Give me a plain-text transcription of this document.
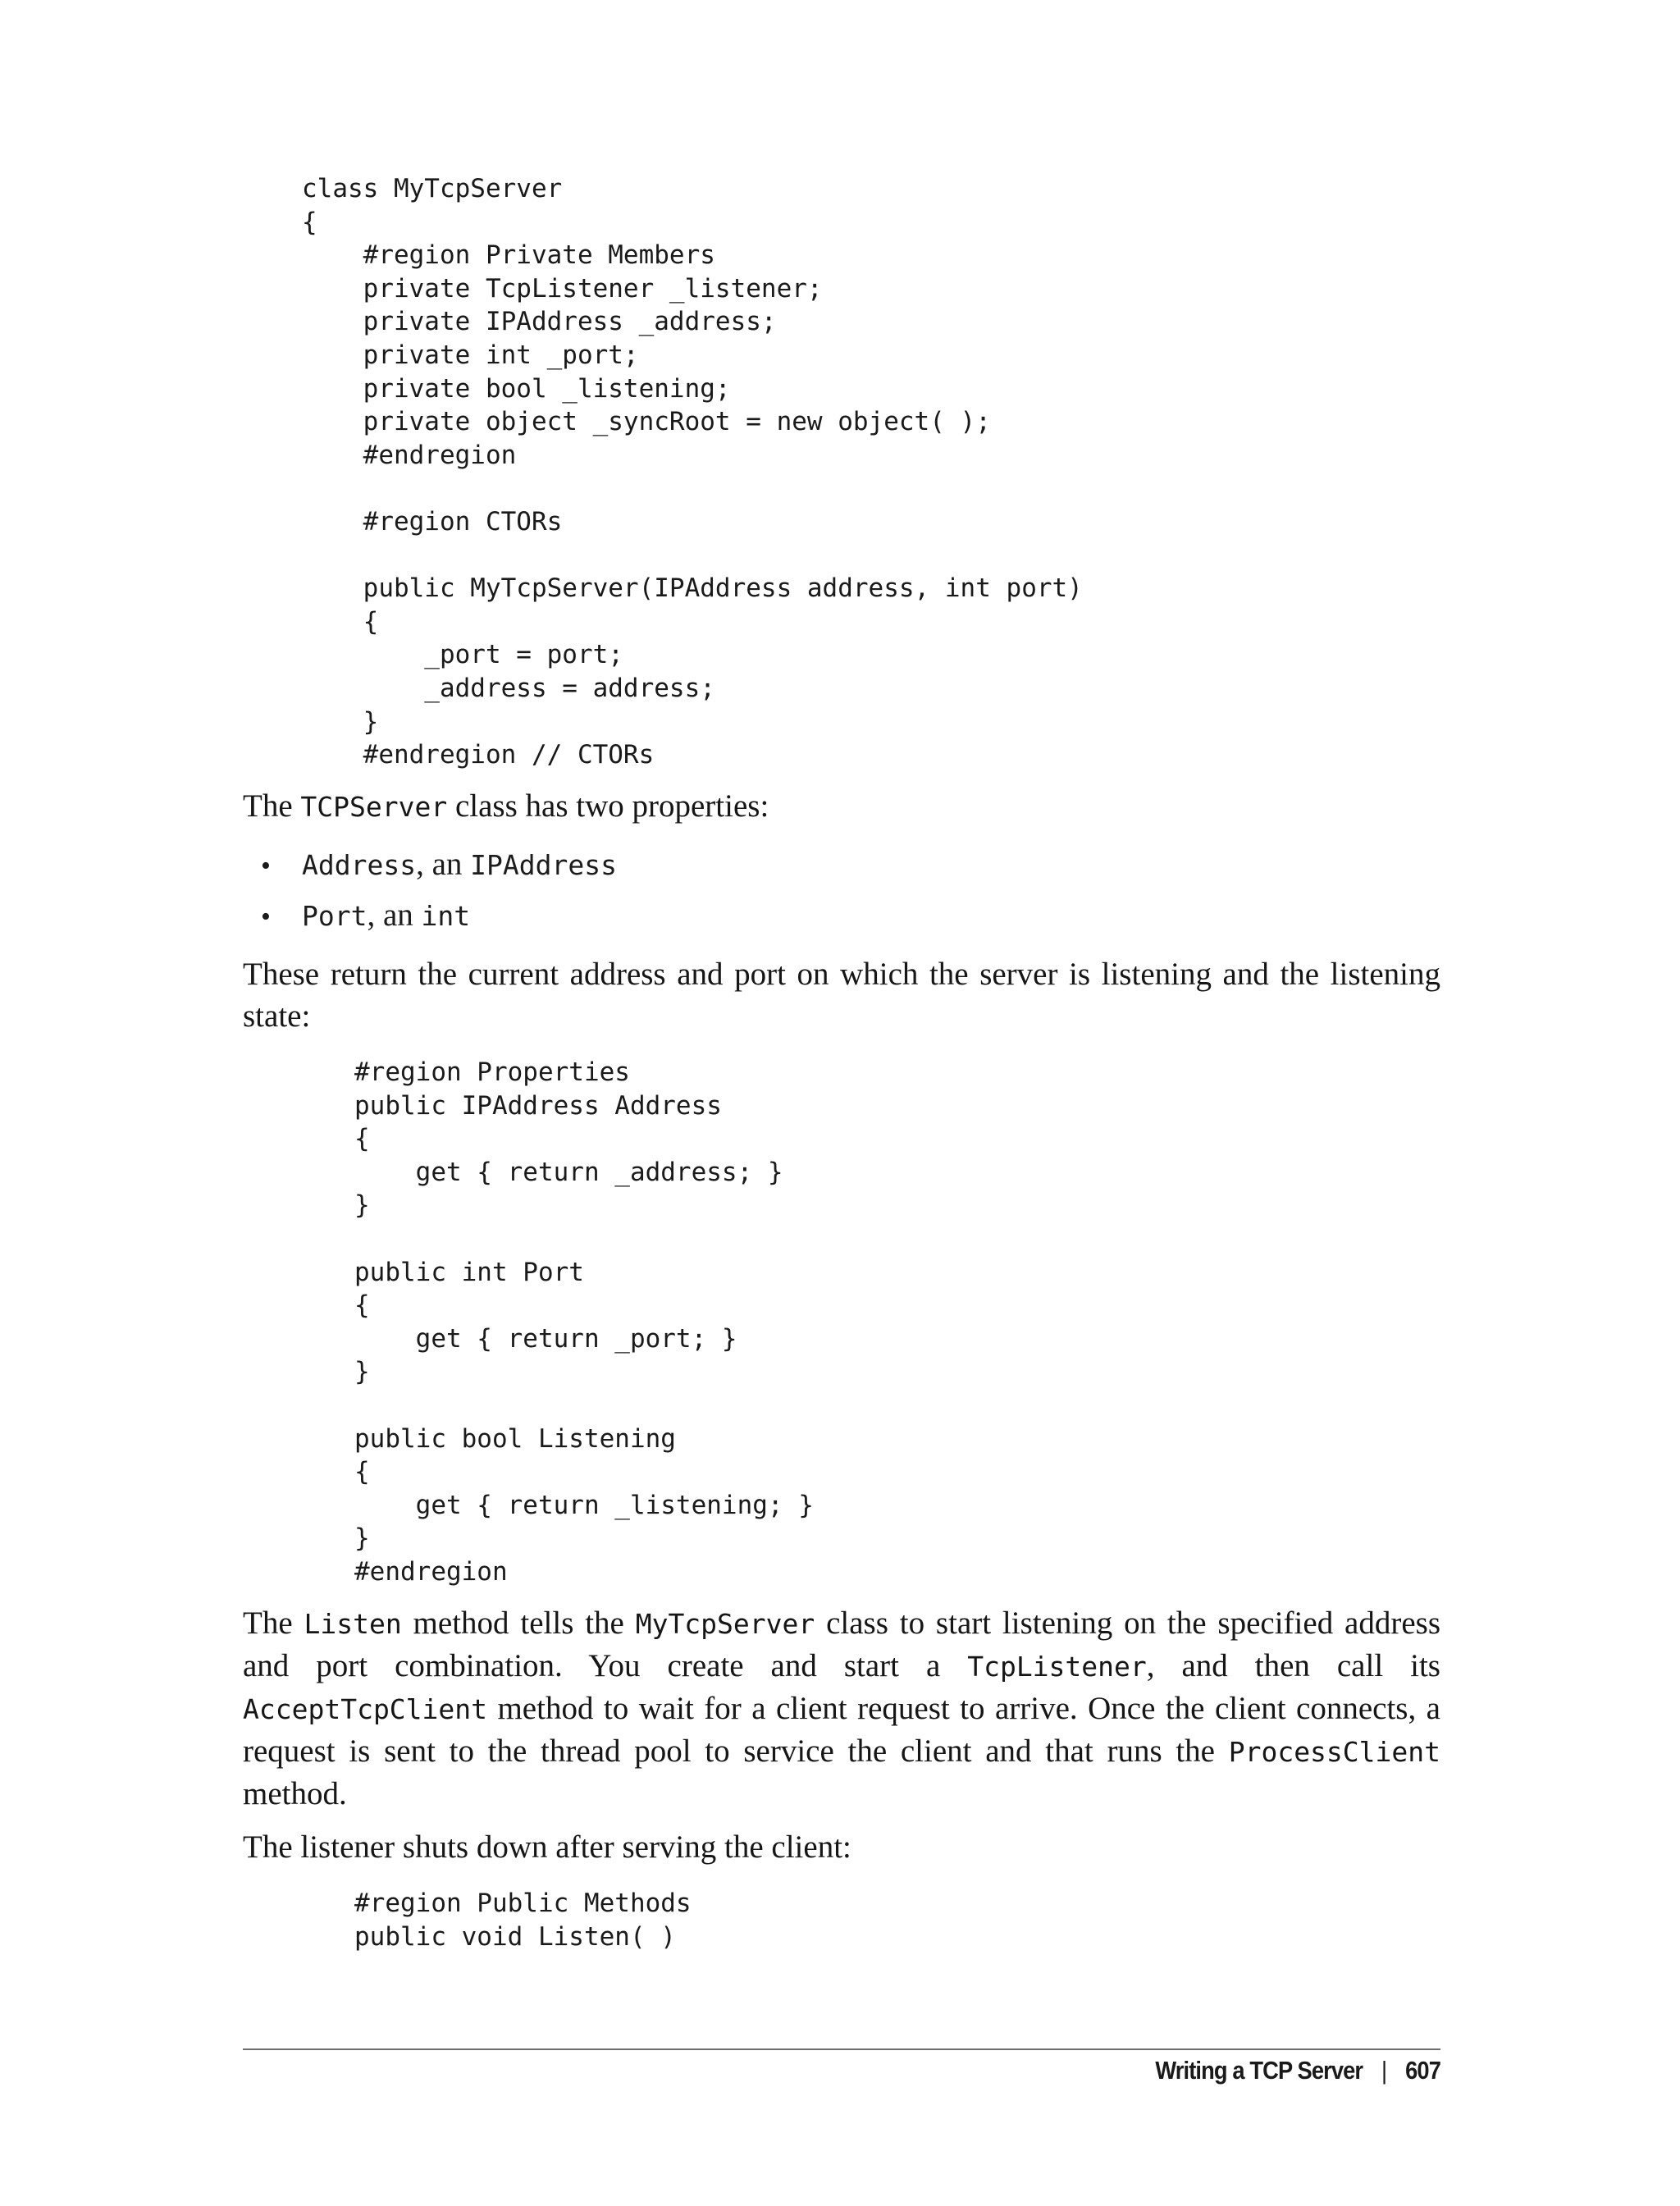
class MyTcpServer
{
#region Private Members
private TcpListener _listener;
private IPAddress _address;
private int _port;
private bool _listening;
private object _syncRoot = new object( );
#endregion

#region CTORs

public MyTcpServer(IPAddress address, int port)
{
_port = port;
_address = address;
}
#endregion // CTORs

The TCPServer class has two properties:

• Address, an IPAddress

• Port, an int

These return the current address and port on which the server is listening and the listening state:

#region Properties
public IPAddress Address
{
get { return _address; }
}

public int Port
{
get { return _port; }
}

public bool Listening
{
get { return _listening; }
}
#endregion

The Listen method tells the MyTcpServer class to start listening on the specified address and port combination. You create and start a TcpListener, and then call its AcceptTcpClient method to wait for a client request to arrive. Once the client connects, a request is sent to the thread pool to service the client and that runs the ProcessClient method.

The listener shuts down after serving the client:

#region Public Methods
public void Listen( )
Writing a TCP Server | 607
